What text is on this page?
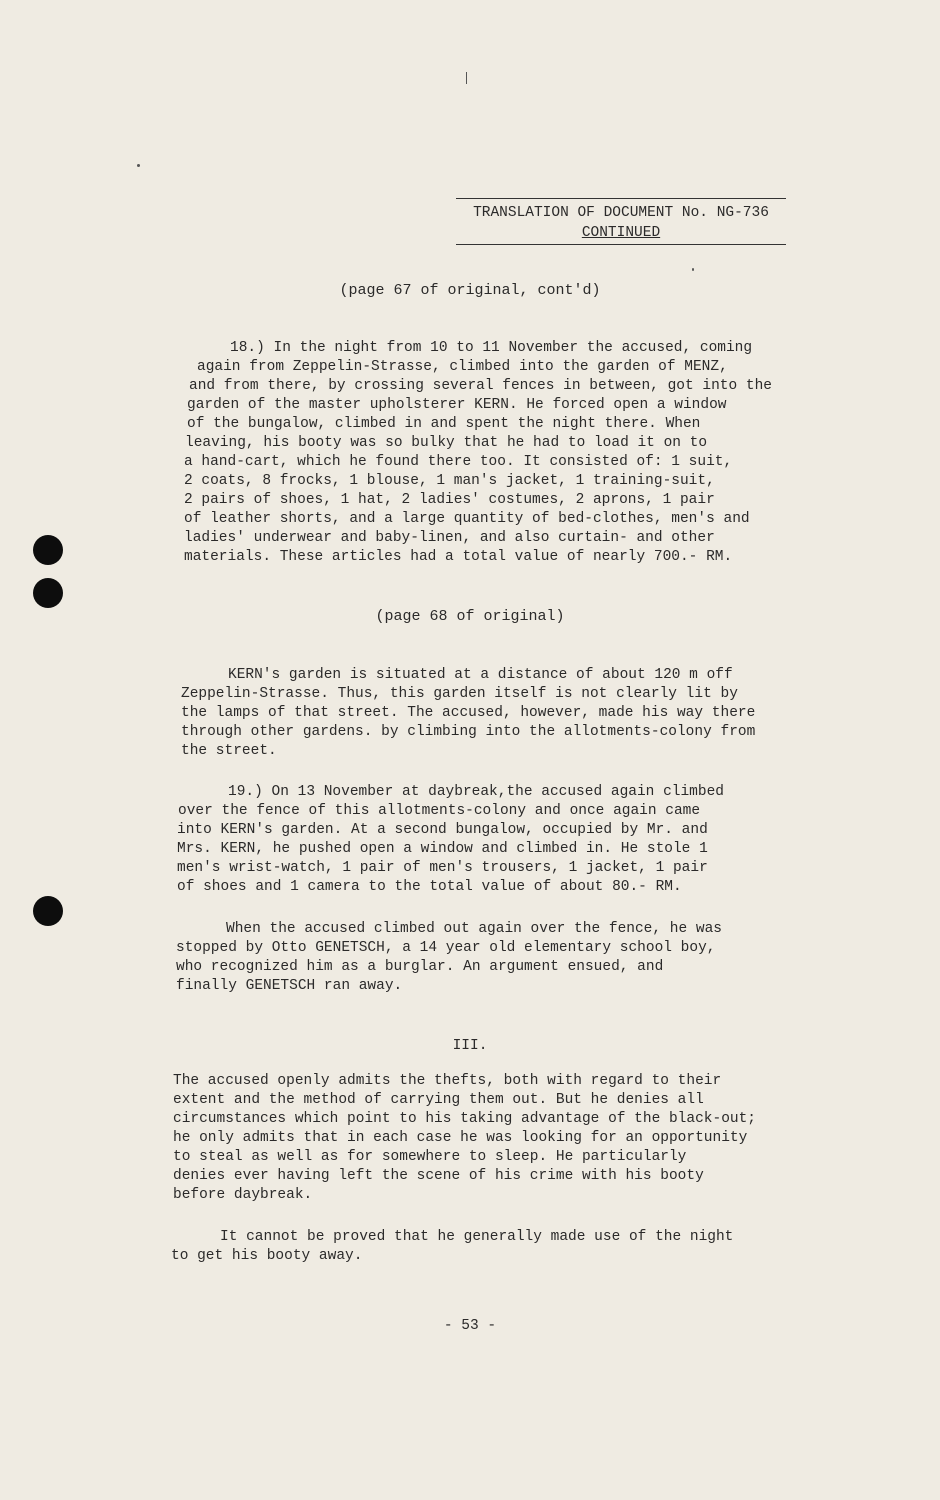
TRANSLATION OF DOCUMENT No. NG-736
CONTINUED
(page 67 of original, cont'd)
18.) In the night from 10 to 11 November the accused, coming
again from Zeppelin-Strasse, climbed into the garden of MENZ,
and from there, by crossing several fences in between, got into the
garden of the master upholsterer KERN. He forced open a window
of the bungalow, climbed in and spent the night there. When
leaving, his booty was so bulky that he had to load it on to
a hand-cart, which he found there too. It consisted of: 1 suit,
2 coats, 8 frocks, 1 blouse, 1 man's jacket, 1 training-suit,
2 pairs of shoes, 1 hat, 2 ladies' costumes, 2 aprons, 1 pair
of leather shorts, and a large quantity of bed-clothes, men's and
ladies' underwear and baby-linen, and also curtain- and other
materials. These articles had a total value of nearly 700.- RM.
(page 68 of original)
KERN's garden is situated at a distance of about 120 m off
Zeppelin-Strasse. Thus, this garden itself is not clearly lit by
the lamps of that street. The accused, however, made his way there
through other gardens. by climbing into the allotments-colony from
the street.
19.) On 13 November at daybreak,the accused again climbed
over the fence of this allotments-colony and once again came
into KERN's garden. At a second bungalow, occupied by Mr. and
Mrs. KERN, he pushed open a window and climbed in. He stole 1
men's wrist-watch, 1 pair of men's trousers, 1 jacket, 1 pair
of shoes and 1 camera to the total value of about 80.- RM.
When the accused climbed out again over the fence, he was
stopped by Otto GENETSCH, a 14 year old elementary school boy,
who recognized him as a burglar. An argument ensued, and
finally GENETSCH ran away.
III.
The accused openly admits the thefts, both with regard to their
extent and the method of carrying them out. But he denies all
circumstances which point to his taking advantage of the black-out;
he only admits that in each case he was looking for an opportunity
to steal as well as for somewhere to sleep. He particularly
denies ever having left the scene of his crime with his booty
before daybreak.
It cannot be proved that he generally made use of the night
to get his booty away.
- 53 -
